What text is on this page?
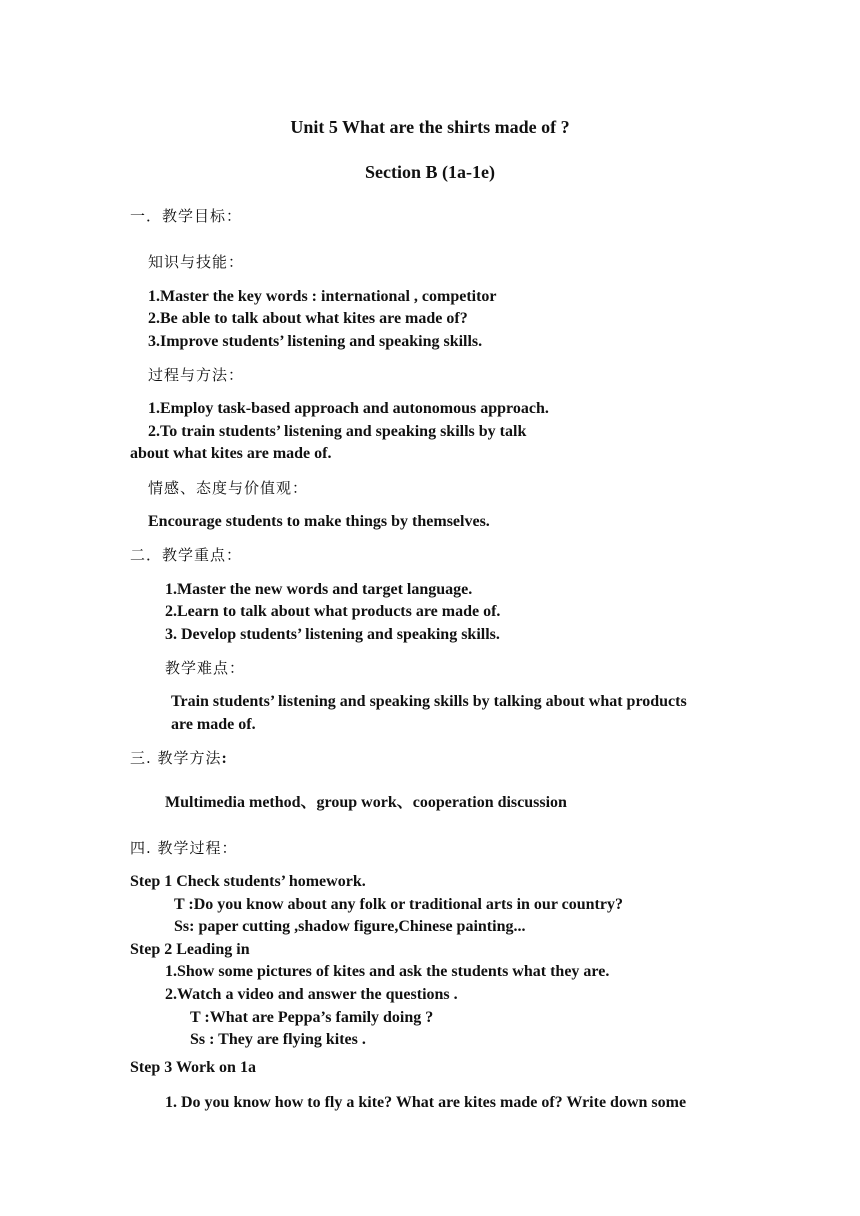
Unit 5 What are the shirts made of ?
Section B (1a-1e)
一．教学目标：
知识与技能：
1.Master the key words : international , competitor
2.Be able to talk about what kites are made of?
3.Improve students’ listening and speaking skills.
过程与方法：
1.Employ task-based approach and autonomous approach.
2.To train students’ listening and speaking skills by talk
about what kites are made of.
情感、态度与价值观：
Encourage students to make things by themselves.
二．教学重点：
1.Master the new words and target language.
2.Learn to talk about what products are made of.
3. Develop students’ listening and speaking skills.
教学难点：
Train students’ listening and speaking skills by talking about what products
are made of.
三. 教学方法:
Multimedia method、group work、cooperation discussion
四. 教学过程：
Step 1 Check students’ homework.
T :Do you know about any folk or traditional arts in our country?
Ss: paper cutting ,shadow figure,Chinese painting...
Step 2 Leading in
1.Show some pictures of kites and ask the students what they are.
2.Watch a video and answer the questions .
T :What are Peppa’s family doing ?
Ss : They are flying kites .
Step 3 Work on 1a
1. Do you know how to fly a kite? What are kites made of? Write down some
